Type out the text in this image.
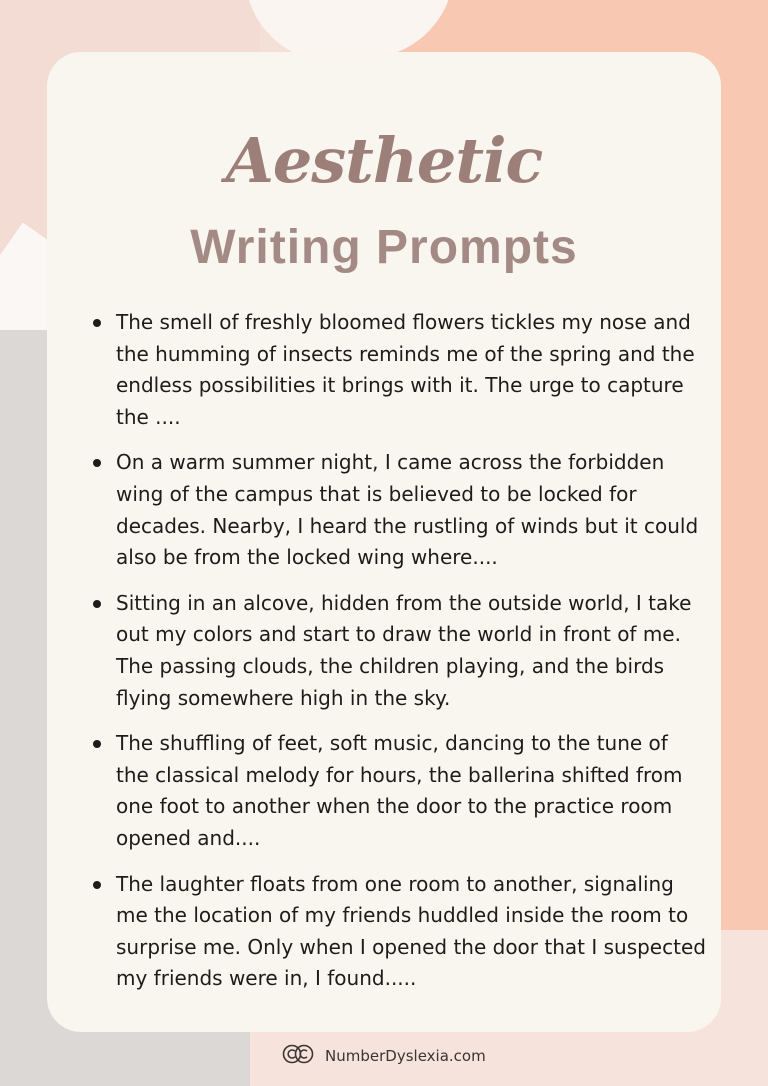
Aesthetic
Writing Prompts
The smell of freshly bloomed flowers tickles my nose and the humming of insects reminds me of the spring and the endless possibilities it brings with it. The urge to capture the ....
On a warm summer night, I came across the forbidden wing of the campus that is believed to be locked for decades. Nearby, I heard the rustling of winds but it could also be from the locked wing where....
Sitting in an alcove, hidden from the outside world, I take out my colors and start to draw the world in front of me. The passing clouds, the children playing, and the birds flying somewhere high in the sky.
The shuffling of feet, soft music, dancing to the tune of the classical melody for hours, the ballerina shifted from one foot to another when the door to the practice room opened and....
The laughter floats from one room to another, signaling me the location of my friends huddled inside the room to surprise me. Only when I opened the door that I suspected my friends were in, I found.....
NumberDyslexia.com
